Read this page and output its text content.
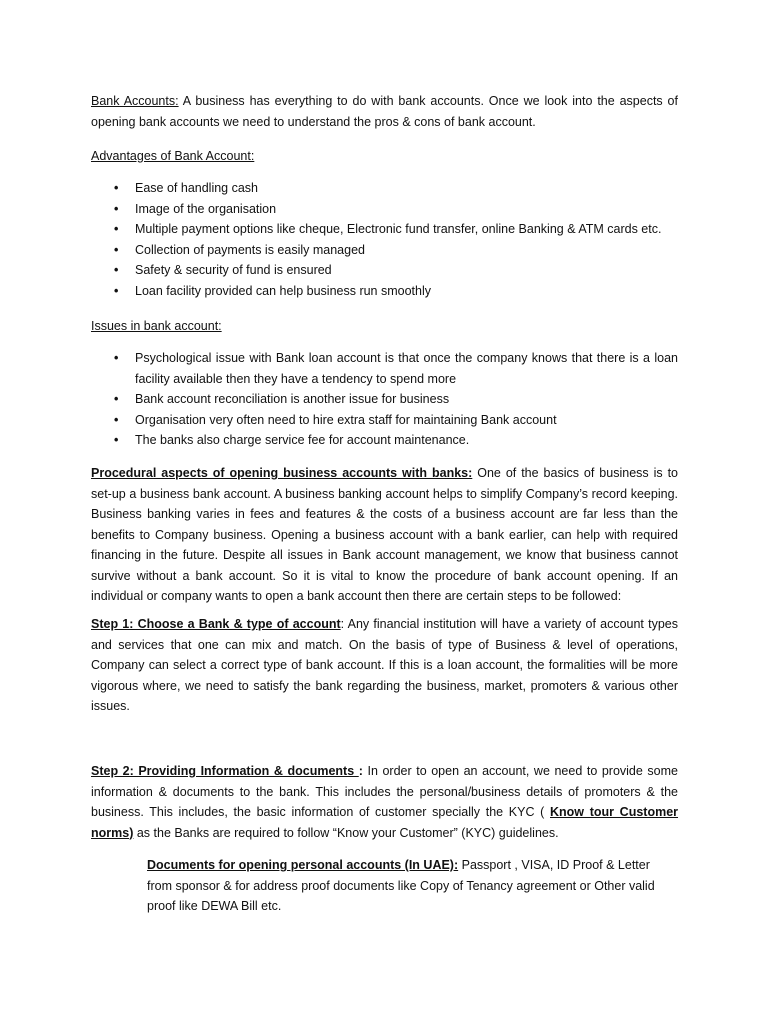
Bank Accounts: A business has everything to do with bank accounts. Once we look into the aspects of opening bank accounts we need to understand the pros & cons of bank account.

Advantages of Bank Account:

• Ease of handling cash
• Image of the organisation
• Multiple payment options like cheque, Electronic fund transfer, online Banking & ATM cards etc.
• Collection of payments is easily managed
• Safety & security of fund is ensured
• Loan facility provided can help business run smoothly

Issues in bank account:

• Psychological issue with Bank loan account is that once the company knows that there is a loan facility available then they have a tendency to spend more
• Bank account reconciliation is another issue for business
• Organisation very often need to hire extra staff for maintaining Bank account
• The banks also charge service fee for account maintenance.

Procedural aspects of opening business accounts with banks: One of the basics of business is to set-up a business bank account. A business banking account helps to simplify Company’s record keeping. Business banking varies in fees and features & the costs of a business account are far less than the benefits to Company business. Opening a business account with a bank earlier, can help with required financing in the future. Despite all issues in Bank account management, we know that business cannot survive without a bank account. So it is vital to know the procedure of bank account opening. If an individual or company wants to open a bank account then there are certain steps to be followed:

Step 1: Choose a Bank & type of account: Any financial institution will have a variety of account types and services that one can mix and match. On the basis of type of Business & level of operations, Company can select a correct type of bank account. If this is a loan account, the formalities will be more vigorous where, we need to satisfy the bank regarding the business, market, promoters & various other issues.

Step 2: Providing Information & documents : In order to open an account, we need to provide some information & documents to the bank. This includes the personal/business details of promoters & the business. This includes, the basic information of customer specially the KYC ( Know tour Customer norms) as the Banks are required to follow “Know your Customer” (KYC) guidelines.

Documents for opening personal accounts (In UAE): Passport , VISA, ID Proof & Letter from sponsor & for address proof documents like Copy of Tenancy agreement or Other valid proof like DEWA Bill etc.
